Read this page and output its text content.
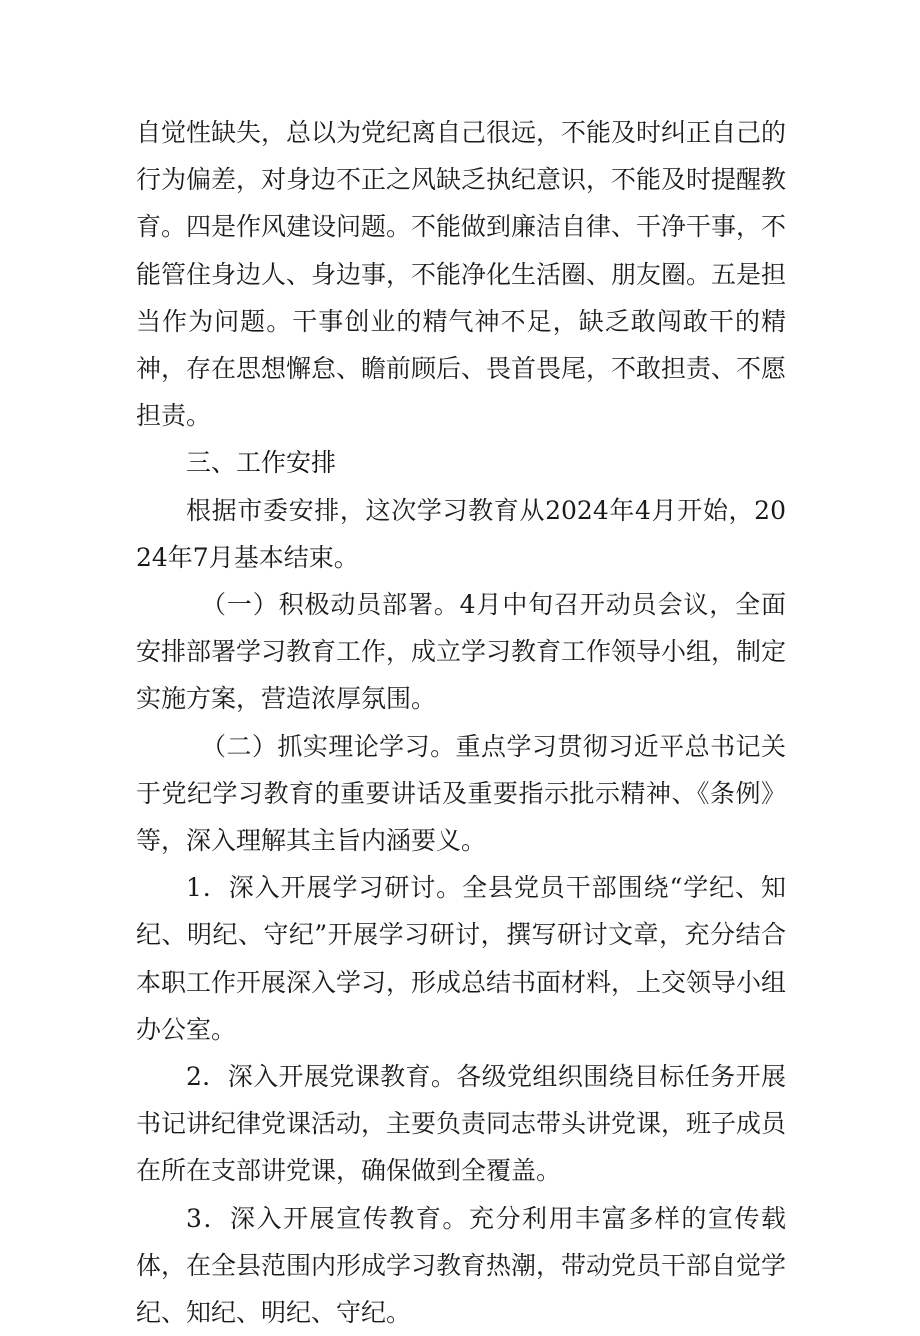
自觉性缺失，总以为党纪离自己很远，不能及时纠正自己的行为偏差，对身边不正之风缺乏执纪意识，不能及时提醒教育。四是作风建设问题。不能做到廉洁自律、干净干事，不能管住身边人、身边事，不能净化生活圈、朋友圈。五是担当作为问题。干事创业的精气神不足，缺乏敢闯敢干的精神，存在思想懈怠、瞻前顾后、畏首畏尾，不敢担责、不愿担责。

三、工作安排

根据市委安排，这次学习教育从2024年4月开始，2024年7月基本结束。

（一）积极动员部署。4月中旬召开动员会议，全面安排部署学习教育工作，成立学习教育工作领导小组，制定实施方案，营造浓厚氛围。

（二）抓实理论学习。重点学习贯彻习近平总书记关于党纪学习教育的重要讲话及重要指示批示精神、《条例》等，深入理解其主旨内涵要义。

1．深入开展学习研讨。全县党员干部围绕“学纪、知纪、明纪、守纪”开展学习研讨，撰写研讨文章，充分结合本职工作开展深入学习，形成总结书面材料，上交领导小组办公室。

2．深入开展党课教育。各级党组织围绕目标任务开展书记讲纪律党课活动，主要负责同志带头讲党课，班子成员在所在支部讲党课，确保做到全覆盖。

3．深入开展宣传教育。充分利用丰富多样的宣传载体，在全县范围内形成学习教育热潮，带动党员干部自觉学纪、知纪、明纪、守纪。
